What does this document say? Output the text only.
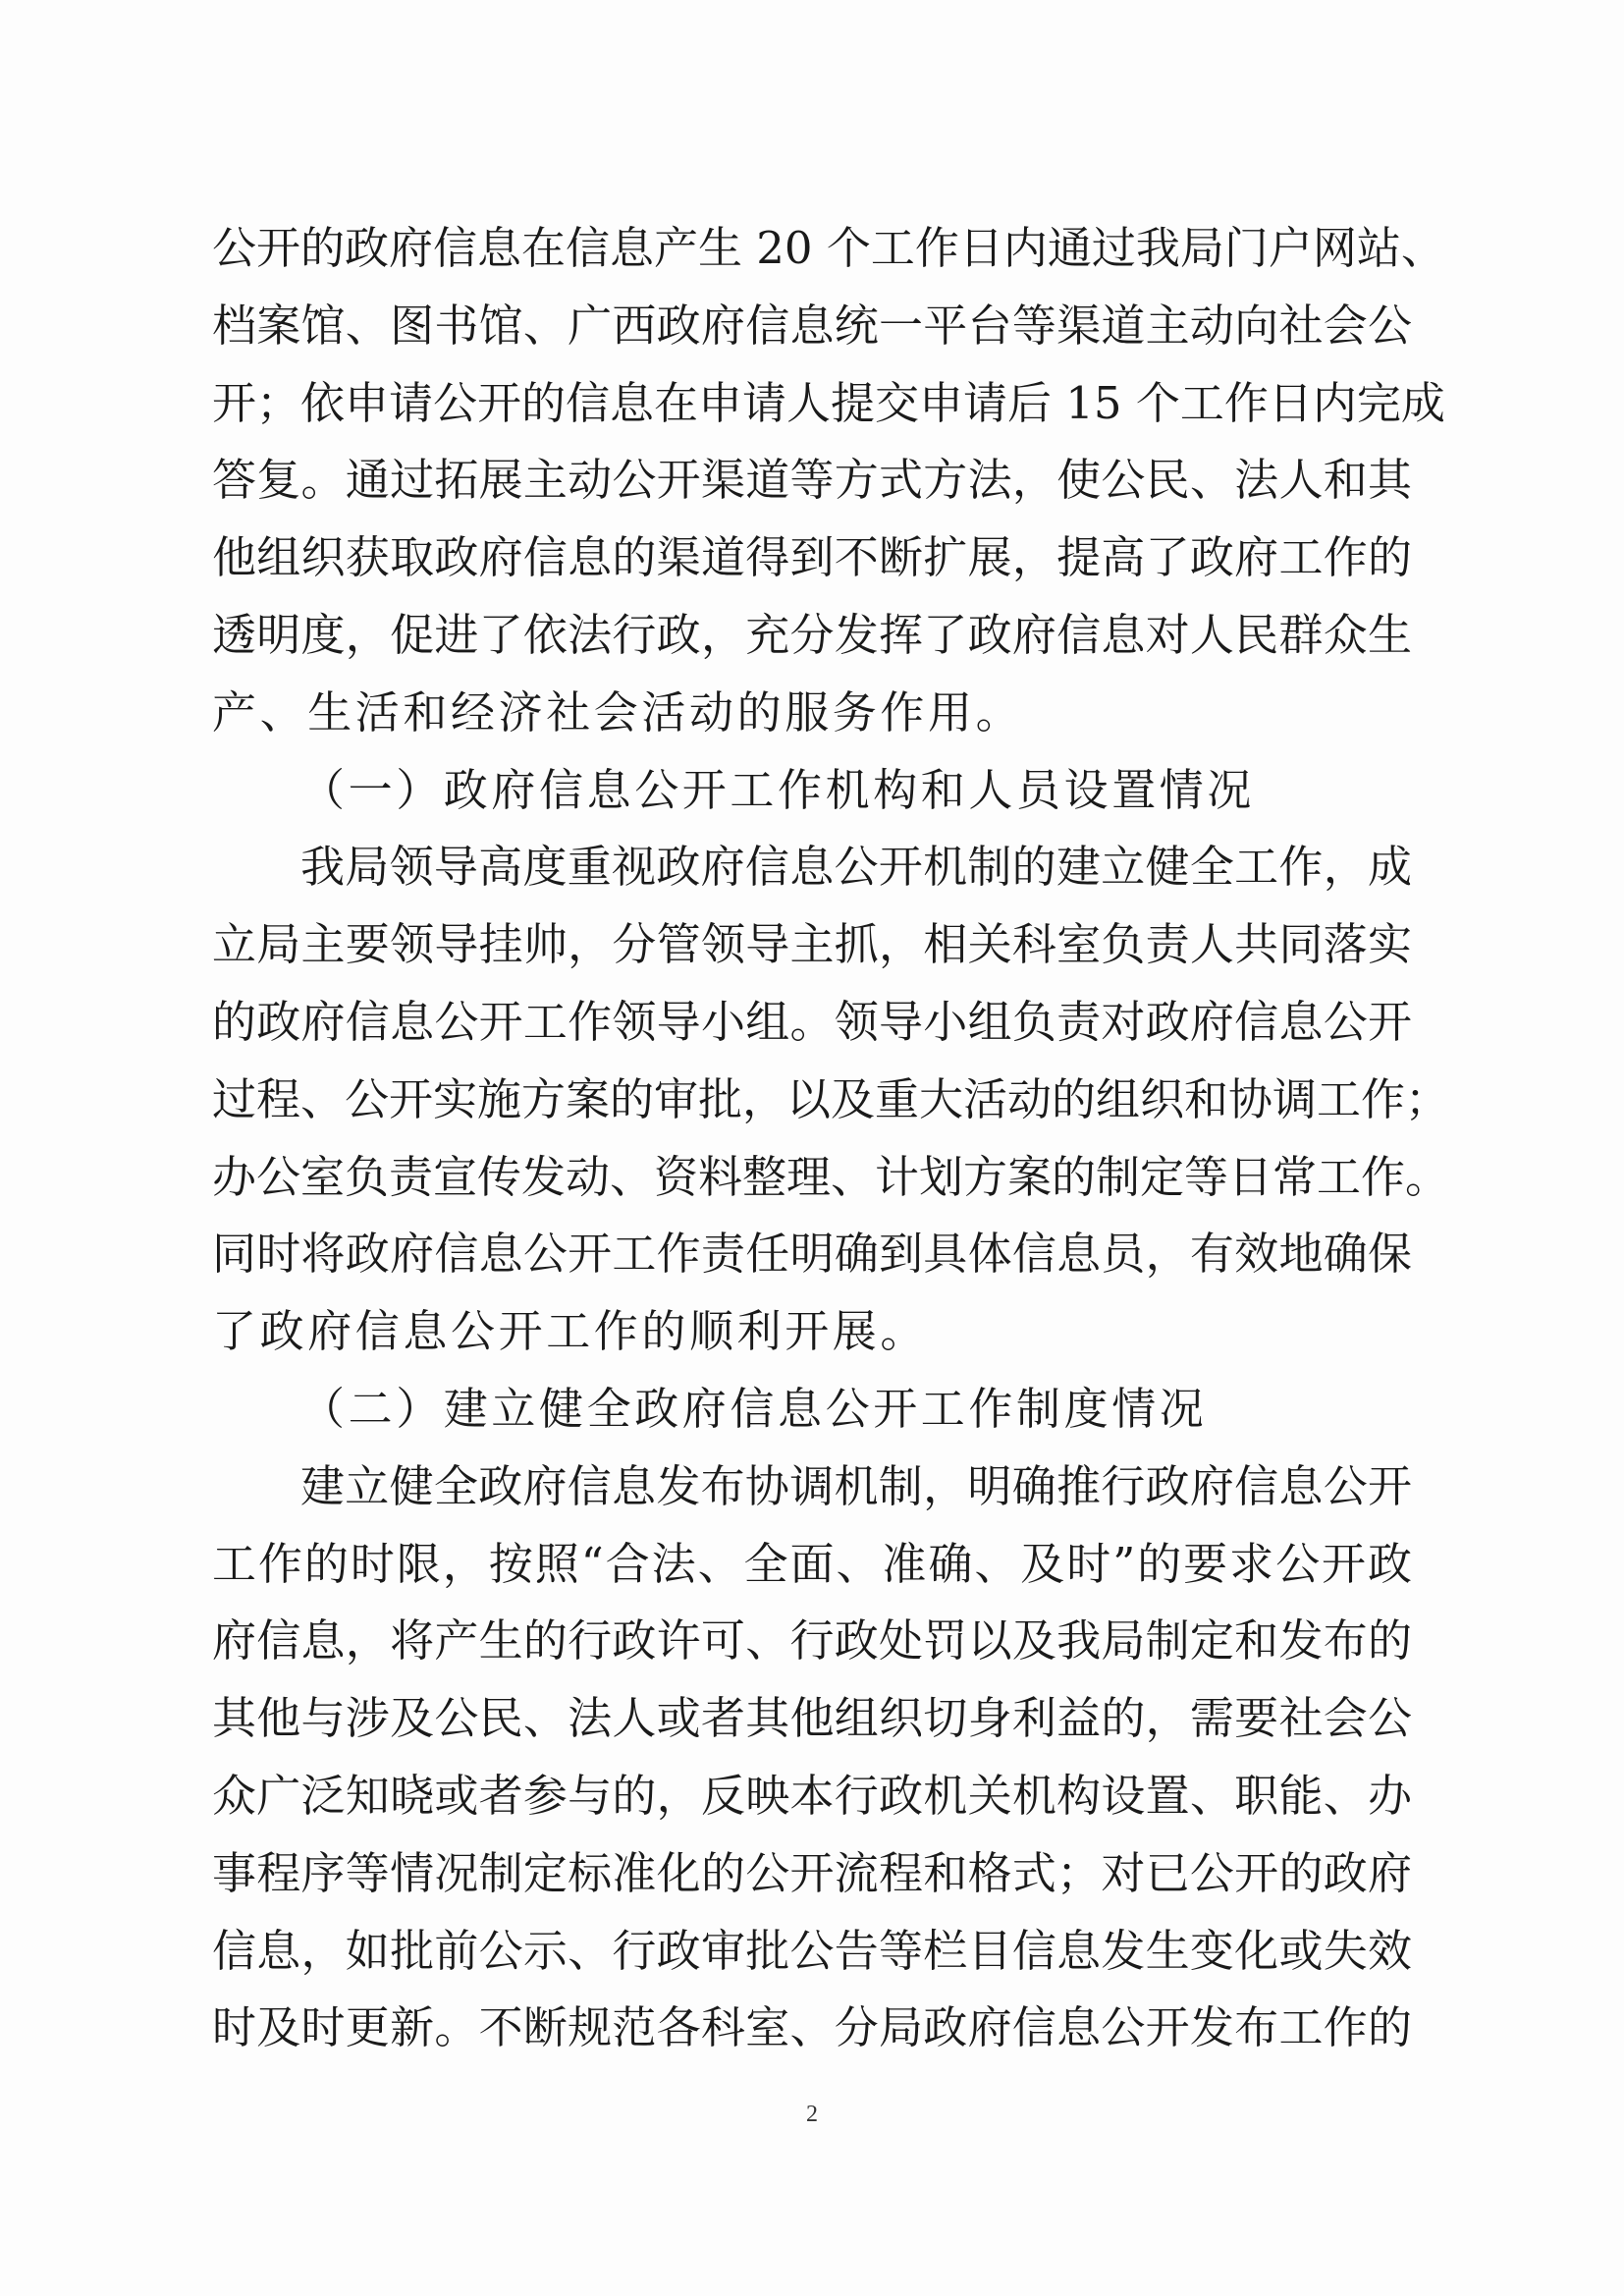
公开的政府信息在信息产生 20 个工作日内通过我局门户网站、
档案馆、图书馆、广西政府信息统一平台等渠道主动向社会公
开；依申请公开的信息在申请人提交申请后 15 个工作日内完成
答复。通过拓展主动公开渠道等方式方法，使公民、法人和其
他组织获取政府信息的渠道得到不断扩展，提高了政府工作的
透明度，促进了依法行政，充分发挥了政府信息对人民群众生
产、生活和经济社会活动的服务作用。
（一）政府信息公开工作机构和人员设置情况
我局领导高度重视政府信息公开机制的建立健全工作，成
立局主要领导挂帅，分管领导主抓，相关科室负责人共同落实
的政府信息公开工作领导小组。领导小组负责对政府信息公开
过程、公开实施方案的审批，以及重大活动的组织和协调工作；
办公室负责宣传发动、资料整理、计划方案的制定等日常工作。
同时将政府信息公开工作责任明确到具体信息员，有效地确保
了政府信息公开工作的顺利开展。
（二）建立健全政府信息公开工作制度情况
建立健全政府信息发布协调机制，明确推行政府信息公开
工作的时限，按照“合法、全面、准确、及时”的要求公开政
府信息，将产生的行政许可、行政处罚以及我局制定和发布的
其他与涉及公民、法人或者其他组织切身利益的，需要社会公
众广泛知晓或者参与的，反映本行政机关机构设置、职能、办
事程序等情况制定标准化的公开流程和格式；对已公开的政府
信息，如批前公示、行政审批公告等栏目信息发生变化或失效
时及时更新。不断规范各科室、分局政府信息公开发布工作的
2
